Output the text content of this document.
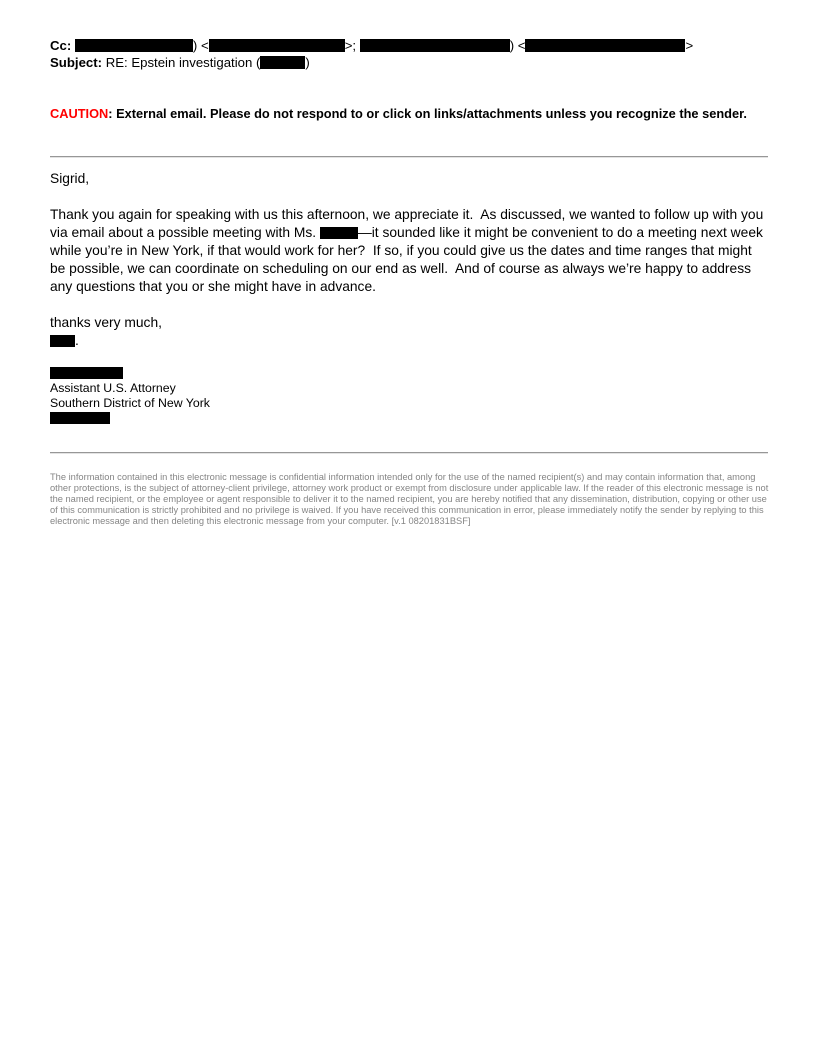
Cc:	) <	>;	) <	>
Subject: RE: Epstein investigation (	)
CAUTION: External email. Please do not respond to or click on links/attachments unless you recognize the sender.

Sigrid,

Thank you again for speaking with us this afternoon, we appreciate it.  As discussed, we wanted to follow up with you via email about a possible meeting with Ms.	—it sounded like it might be convenient to do a meeting next week while you’re in New York, if that would work for her?  If so, if you could give us the dates and time ranges that might be possible, we can coordinate on scheduling on our end as well.  And of course as always we’re happy to address any questions that you or she might have in advance.

thanks very much,
.

Assistant U.S. Attorney
Southern District of New York
The information contained in this electronic message is confidential information intended only for the use of the named recipient(s) and may contain information that, among other protections, is the subject of attorney-client privilege, attorney work product or exempt from disclosure under applicable law. If the reader of this electronic message is not the named recipient, or the employee or agent responsible to deliver it to the named recipient, you are hereby notified that any dissemination, distribution, copying or other use of this communication is strictly prohibited and no privilege is waived. If you have received this communication in error, please immediately notify the sender by replying to this electronic message and then deleting this electronic message from your computer. [v.1 08201831BSF]
